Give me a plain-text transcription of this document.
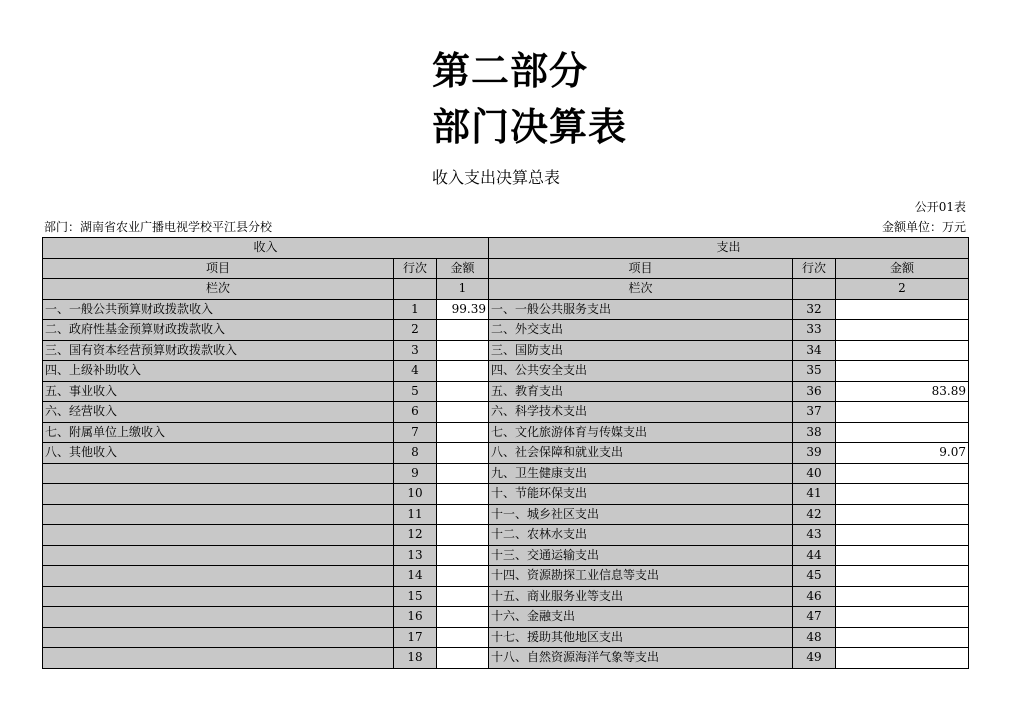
第二部分
部门决算表
收入支出决算总表
公开01表
部门：湖南省农业广播电视学校平江县分校	金额单位：万元
收入			支出		
项目	行次	金额	项目	行次	金额
栏次		1	栏次		2
一、一般公共预算财政拨款收入	1	99.39	一、一般公共服务支出	32	
二、政府性基金预算财政拨款收入	2		二、外交支出	33	
三、国有资本经营预算财政拨款收入	3		三、国防支出	34	
四、上级补助收入	4		四、公共安全支出	35	
五、事业收入	5		五、教育支出	36	83.89
六、经营收入	6		六、科学技术支出	37	
七、附属单位上缴收入	7		七、文化旅游体育与传媒支出	38	
八、其他收入	8		八、社会保障和就业支出	39	9.07
	9		九、卫生健康支出	40	
	10		十、节能环保支出	41	
	11		十一、城乡社区支出	42	
	12		十二、农林水支出	43	
	13		十三、交通运输支出	44	
	14		十四、资源勘探工业信息等支出	45	
	15		十五、商业服务业等支出	46	
	16		十六、金融支出	47	
	17		十七、援助其他地区支出	48	
	18		十八、自然资源海洋气象等支出	49	
